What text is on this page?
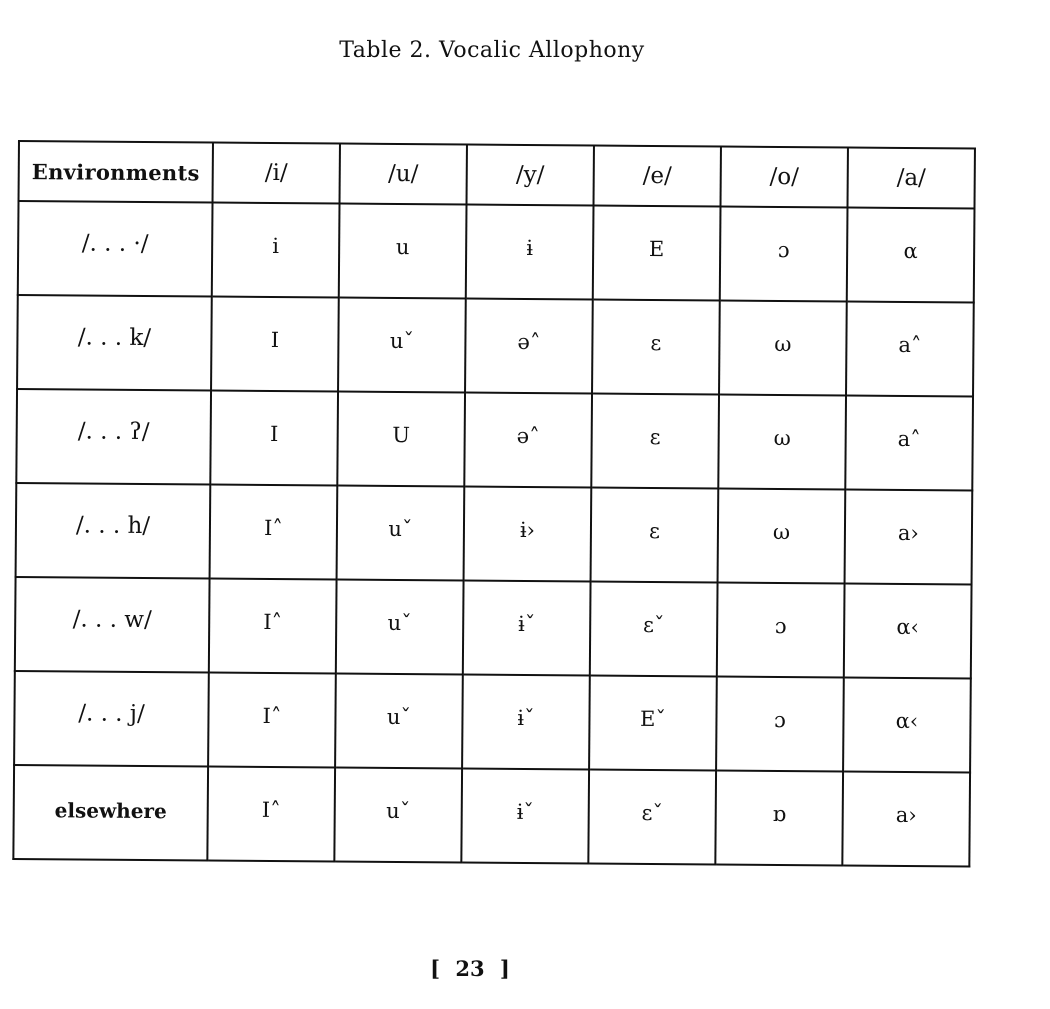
Table 2. Vocalic Allophony
Environments	/i/	/u/	/y/	/e/	/o/	/a/
/. . . ·/	i	u	ɨ	E	ɔ	α
/. . . k/	I	uˇ	ə˄	ε	ω	a˄
/. . . ʔ/	I	U	ə˄	ε	ω	a˄
/. . . h/	I˄	uˇ	ɨ›	ε	ω	a›
/. . . w/	I˄	uˇ	ɨˇ	εˇ	ɔ	α‹
/. . . j/	I˄	uˇ	ɨˇ	Eˇ	ɔ	α‹
elsewhere	I˄	uˇ	ɨˇ	εˇ	ɒ	a›
[ 23 ]
